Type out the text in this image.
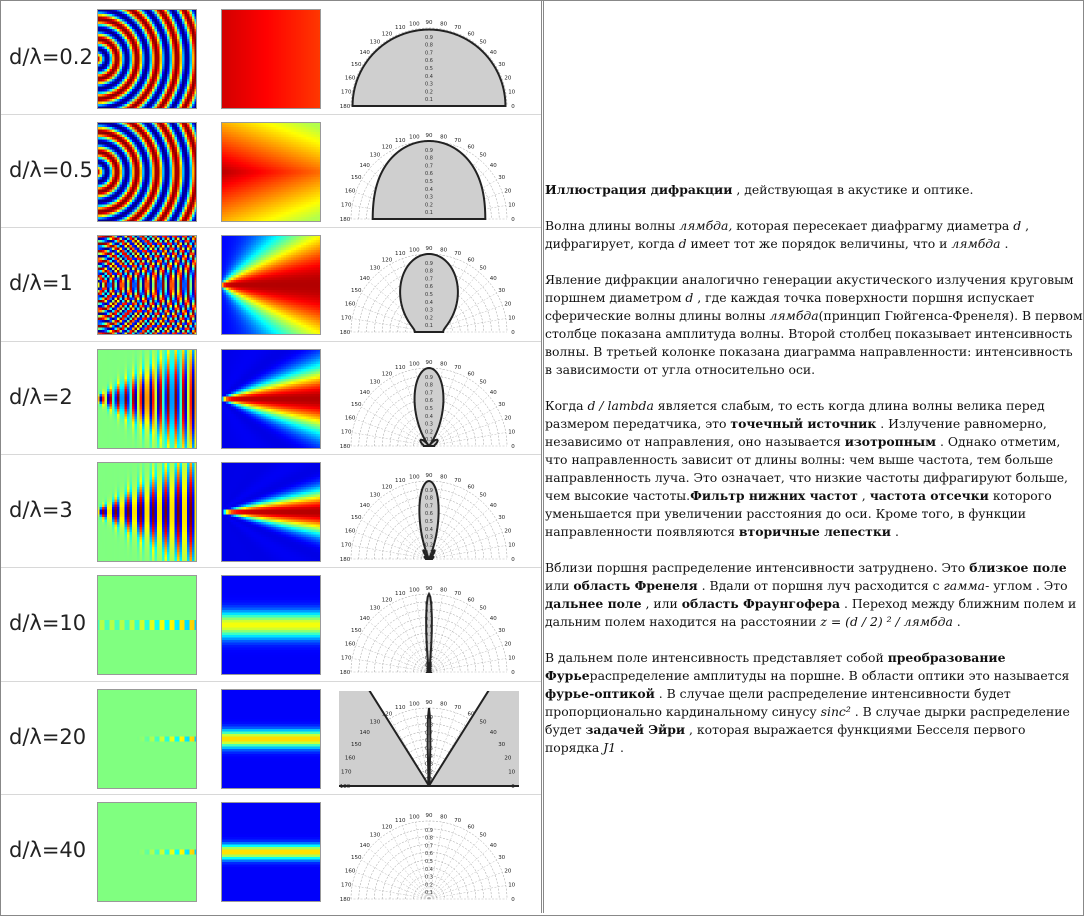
d/λ=0.2
0.9
0.8
0.7
0.6
0.5
0.4
0.3
0.2
0.1
90
100
110
120
130
140
150
160
170
180
80
70
60
50
40
30
20
10
0
d/λ=0.5
0.9
0.8
0.7
0.6
0.5
0.4
0.3
0.2
0.1
90
100
110
120
130
140
150
160
170
180
80
70
60
50
40
30
20
10
0
d/λ=1
0.9
0.8
0.7
0.6
0.5
0.4
0.3
0.2
0.1
90
100
110
120
130
140
150
160
170
180
80
70
60
50
40
30
20
10
0
d/λ=2
0.9
0.8
0.7
0.6
0.5
0.4
0.3
0.2
0.1
90
100
110
120
130
140
150
160
170
180
80
70
60
50
40
30
20
10
0
d/λ=3
0.9
0.8
0.7
0.6
0.5
0.4
0.3
0.2
0.1
90
100
110
120
130
140
150
160
170
180
80
70
60
50
40
30
20
10
0
d/λ=10
0.9
0.8
0.7
0.6
0.5
0.4
0.3
0.2
0.1
90
100
110
120
130
140
150
160
170
180
80
70
60
50
40
30
20
10
0
d/λ=20
0.9
0.8
0.7
0.6
0.5
0.4
0.3
0.2
0.1
90
100
110
120
130
140
150
160
170
180
80
70
60
50
40
30
20
10
0
d/λ=40
0.9
0.8
0.7
0.6
0.5
0.4
0.3
0.2
0.1
90
100
110
120
130
140
150
160
170
180
80
70
60
50
40
30
20
10
0

Иллюстрация дифракции , действующая в акустике и оптике.

Волна длины волны лямбда, которая пересекает диафрагму диаметра d , дифрагирует, когда d имеет тот же порядок величины, что и лямбда .

Явление дифракции аналогично генерации акустического излучения круговым поршнем диаметром d , где каждая точка поверхности поршня испускает сферические волны длины волны лямбда(принцип Гюйгенса-Френеля). В первом столбце показана амплитуда волны. Второй столбец показывает интенсивность волны. В третьей колонке показана диаграмма направленности: интенсивность в зависимости от угла относительно оси.

Когда d / lambda является слабым, то есть когда длина волны велика перед размером передатчика, это точечный источник . Излучение равномерно, независимо от направления, оно называется изотропным . Однако отметим, что направленность зависит от длины волны: чем выше частота, тем больше направленность луча. Это означает, что низкие частоты дифрагируют больше, чем высокие частоты.Фильтр нижних частот , частота отсечки которого уменьшается при увеличении расстояния до оси. Кроме того, в функции направленности появляются вторичные лепестки .

Вблизи поршня распределение интенсивности затруднено. Это близкое поле или область Френеля . Вдали от поршня луч расходится с гамма- углом . Это дальнее поле , или область Фраунгофера . Переход между ближним полем и дальним полем находится на расстоянии z = (d / 2) ² / лямбда .

В дальнем поле интенсивность представляет собой преобразование Фурьераспределение амплитуды на поршне. В области оптики это называется фурье-оптикой . В случае щели распределение интенсивности будет пропорционально кардинальному синусу sinc² . В случае дырки распределение будет задачей Эйри , которая выражается функциями Бесселя первого порядка J1 .
